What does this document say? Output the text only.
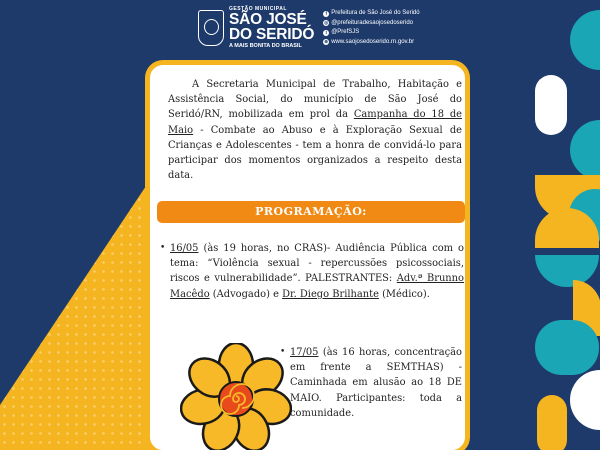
GESTÃO MUNICIPAL
SÃO JOSÉ
DO SERIDÓ
A MAIS BONITA DO BRASIL
f Prefeitura de São José do Seridó
◎ @prefeituradesaojosedoserido
t @PrefSJS
⊕ www.saojosedoserido.rn.gov.br

A Secretaria Municipal de Trabalho, Habitação e Assistência Social, do município de São José do Seridó/RN, mobilizada em prol da Campanha do 18 de Maio - Combate ao Abuso e à Exploração Sexual de Crianças e Adolescentes - tem a honra de convidá-lo para participar dos momentos organizados a respeito desta data.

PROGRAMAÇÃO:

• 16/05 (às 19 horas, no CRAS)- Audiência Pública com o tema: “Violência sexual - repercussões psicossociais, riscos e vulnerabilidade”. PALESTRANTES: Adv.ª Brunno Macêdo (Advogado) e Dr. Diego Brilhante (Médico).

• 17/05 (às 16 horas, concentração em frente a SEMTHAS) - Caminhada em alusão ao 18 DE MAIO. Participantes: toda a comunidade.
